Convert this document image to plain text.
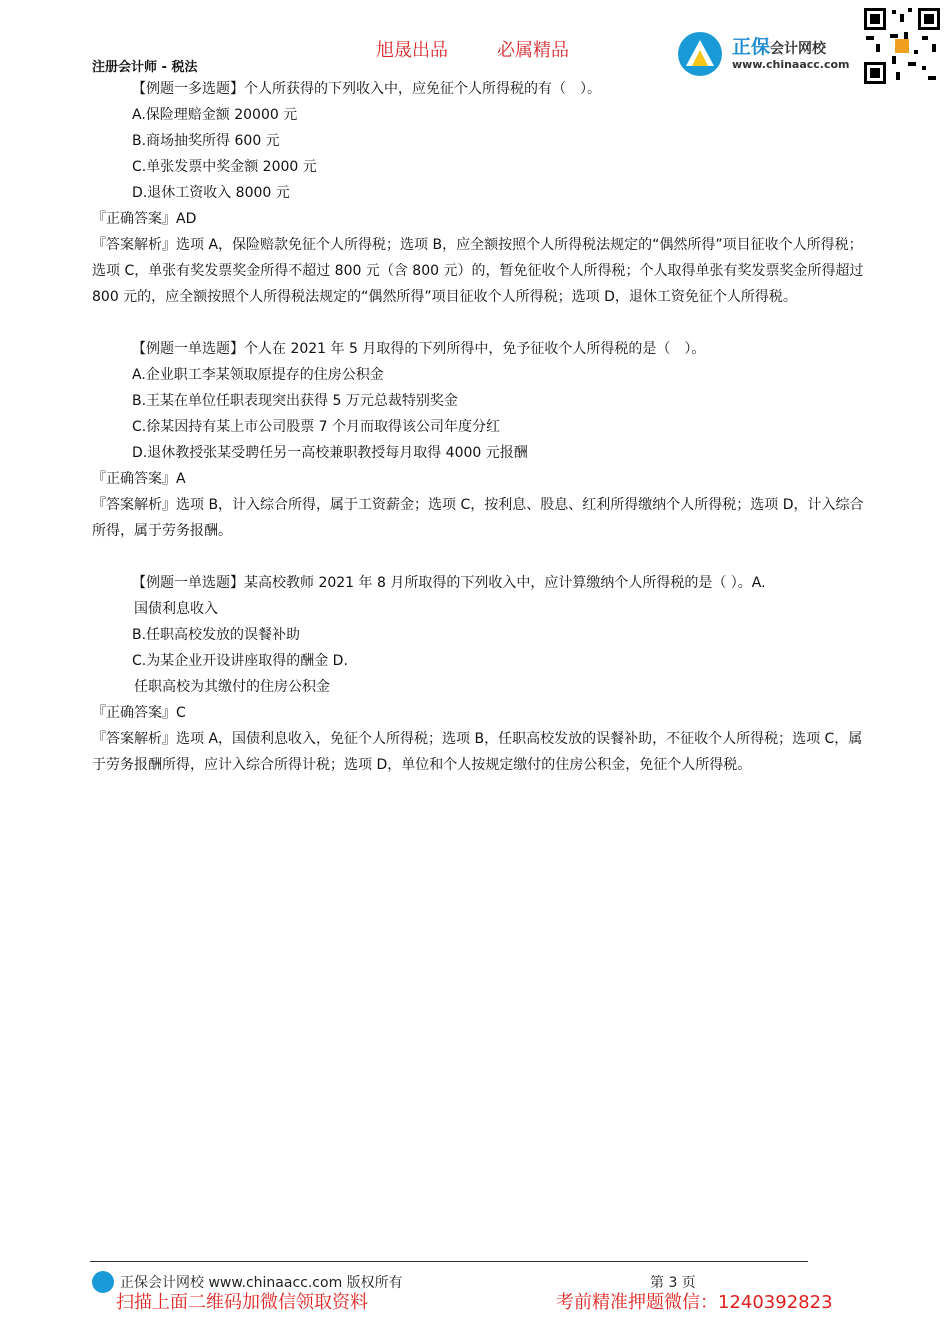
注册会计师 - 税法
旭晟出品	必属精品	正保会计网校
www.chinaacc.com

【例题一多选题】个人所获得的下列收入中，应免征个人所得税的有（　）。

A.保险理赔金额 20000 元

B.商场抽奖所得 600 元

C.单张发票中奖金额 2000 元

D.退休工资收入 8000 元

『正确答案』AD

『答案解析』选项 A，保险赔款免征个人所得税；选项 B，应全额按照个人所得税法规定的“偶然所得”项目征收个人所得税；选项 C，单张有奖发票奖金所得不超过 800 元（含 800 元）的，暂免征收个人所得税；个人取得单张有奖发票奖金所得超过 800 元的，应全额按照个人所得税法规定的“偶然所得”项目征收个人所得税；选项 D，退休工资免征个人所得税。

【例题一单选题】个人在 2021 年 5 月取得的下列所得中，免予征收个人所得税的是（　）。

A.企业职工李某领取原提存的住房公积金

B.王某在单位任职表现突出获得 5 万元总裁特别奖金

C.徐某因持有某上市公司股票 7 个月而取得该公司年度分红

D.退休教授张某受聘任另一高校兼职教授每月取得 4000 元报酬

『正确答案』A

『答案解析』选项 B，计入综合所得，属于工资薪金；选项 C，按利息、股息、红利所得缴纳个人所得税；选项 D，计入综合所得，属于劳务报酬。

【例题一单选题】某高校教师 2021 年 8 月所取得的下列收入中，应计算缴纳个人所得税的是（ ）。A.

国债利息收入

B.任职高校发放的误餐补助

C.为某企业开设讲座取得的酬金 D.

任职高校为其缴付的住房公积金

『正确答案』C

『答案解析』选项 A，国债利息收入，免征个人所得税；选项 B，任职高校发放的误餐补助，不征收个人所得税；选项 C，属于劳务报酬所得，应计入综合所得计税；选项 D，单位和个人按规定缴付的住房公积金，免征个人所得税。

正保会计网校 www.chinaacc.com 版权所有	第 3 页
扫描上面二维码加微信领取资料	考前精准押题微信：1240392823
